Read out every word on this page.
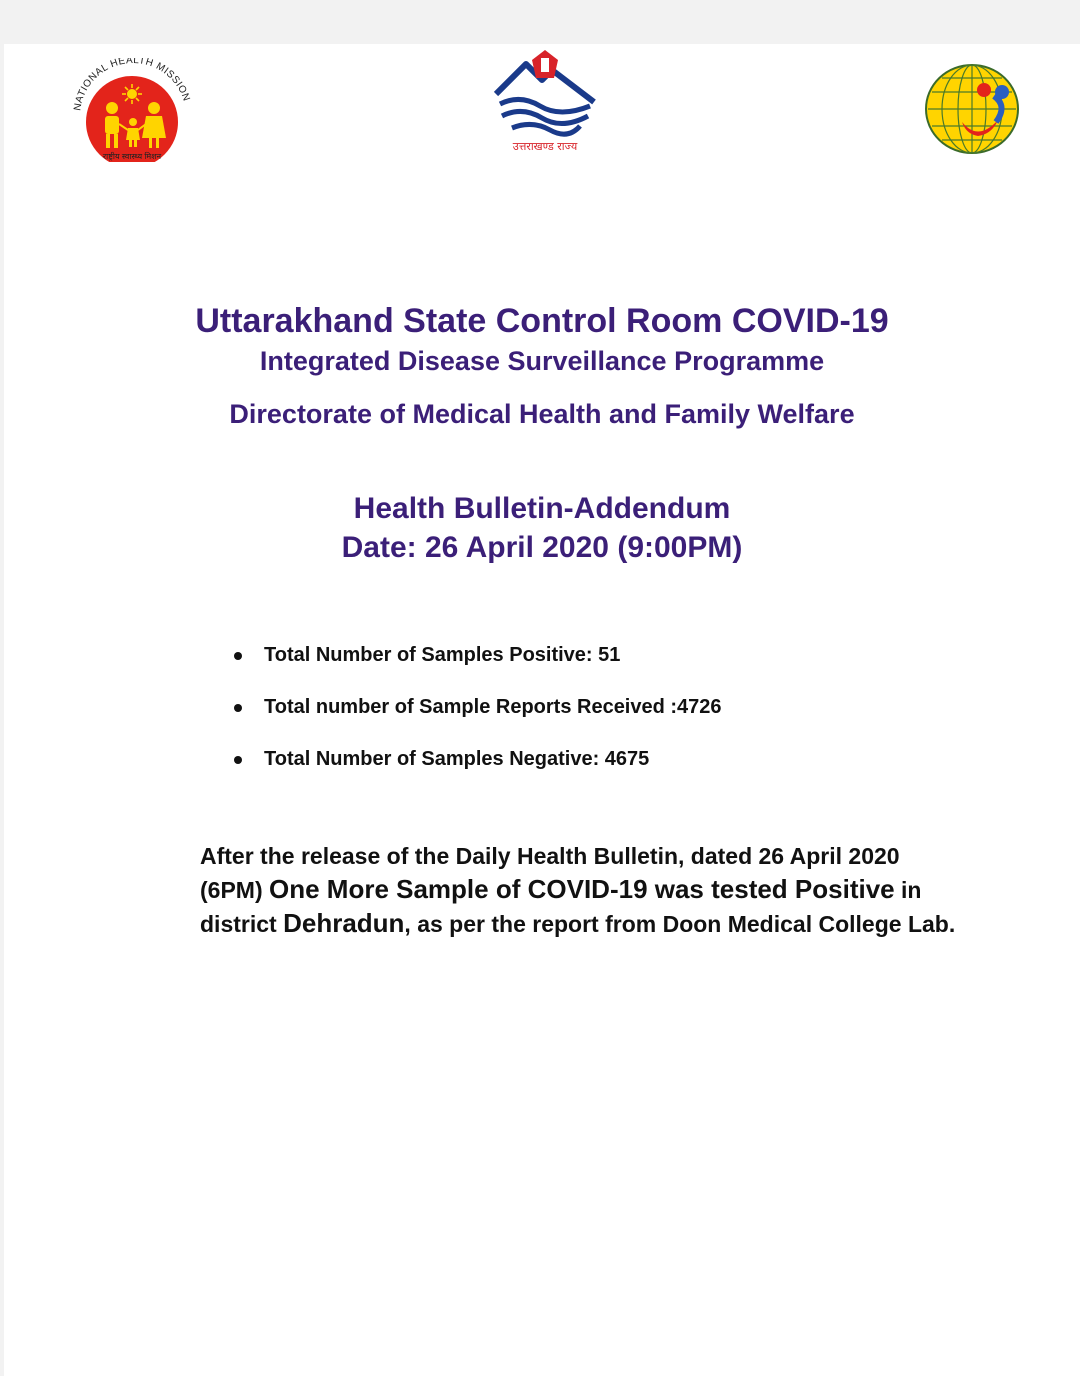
NATIONAL HEALTH MISSION
राष्ट्रीय स्वास्थ्य मिशन
उत्तराखण्ड राज्य
Uttarakhand State Control Room COVID-19
Integrated Disease Surveillance Programme
Directorate of Medical Health and Family Welfare
Health Bulletin-Addendum
Date: 26 April 2020 (9:00PM)
Total Number of Samples Positive: 51
Total number of Sample Reports Received :4726
Total Number of Samples Negative: 4675
After the release of the Daily Health Bulletin, dated 26 April 2020 (6PM) One More Sample of COVID-19 was tested Positive in district Dehradun, as per the report from Doon Medical College Lab.
